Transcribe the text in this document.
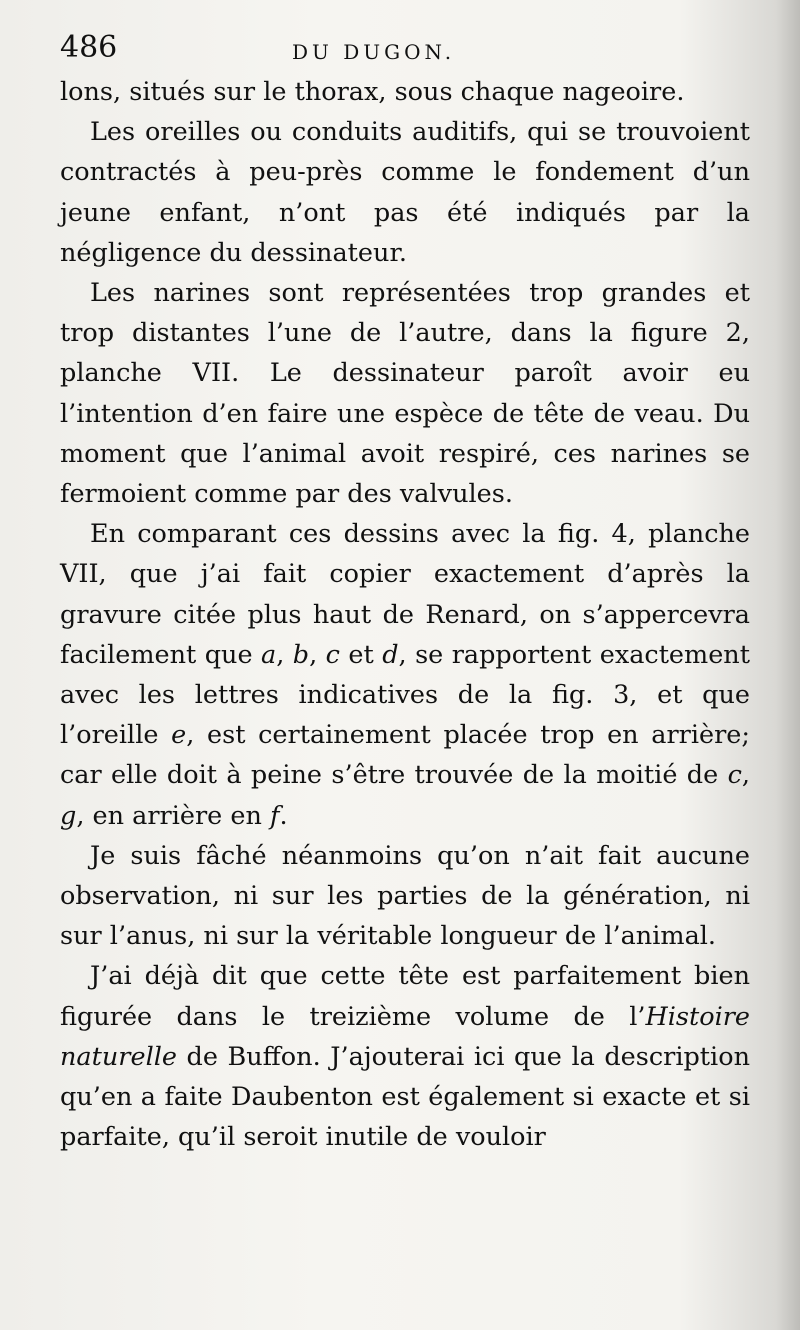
486	DU DUGON.

lons, situés sur le thorax, sous chaque nageoire.

Les oreilles ou conduits auditifs, qui se trouvoient contractés à peu-près comme le fondement d’un jeune enfant, n’ont pas été indiqués par la négligence du dessinateur.

Les narines sont représentées trop grandes et trop distantes l’une de l’autre, dans la figure 2, planche VII. Le dessinateur paroît avoir eu l’intention d’en faire une espèce de tête de veau. Du moment que l’animal avoit respiré, ces narines se fermoient comme par des valvules.

En comparant ces dessins avec la fig. 4, planche VII, que j’ai fait copier exactement d’après la gravure citée plus haut de Renard, on s’appercevra facilement que a, b, c et d, se rapportent exactement avec les lettres indicatives de la fig. 3, et que l’oreille e, est certainement placée trop en arrière; car elle doit à peine s’être trouvée de la moitié de c, g, en arrière en f.

Je suis fâché néanmoins qu’on n’ait fait aucune observation, ni sur les parties de la génération, ni sur l’anus, ni sur la véritable longueur de l’animal.

J’ai déjà dit que cette tête est parfaitement bien figurée dans le treizième volume de l’Histoire naturelle de Buffon. J’ajouterai ici que la description qu’en a faite Daubenton est également si exacte et si parfaite, qu’il seroit inutile de vouloir
